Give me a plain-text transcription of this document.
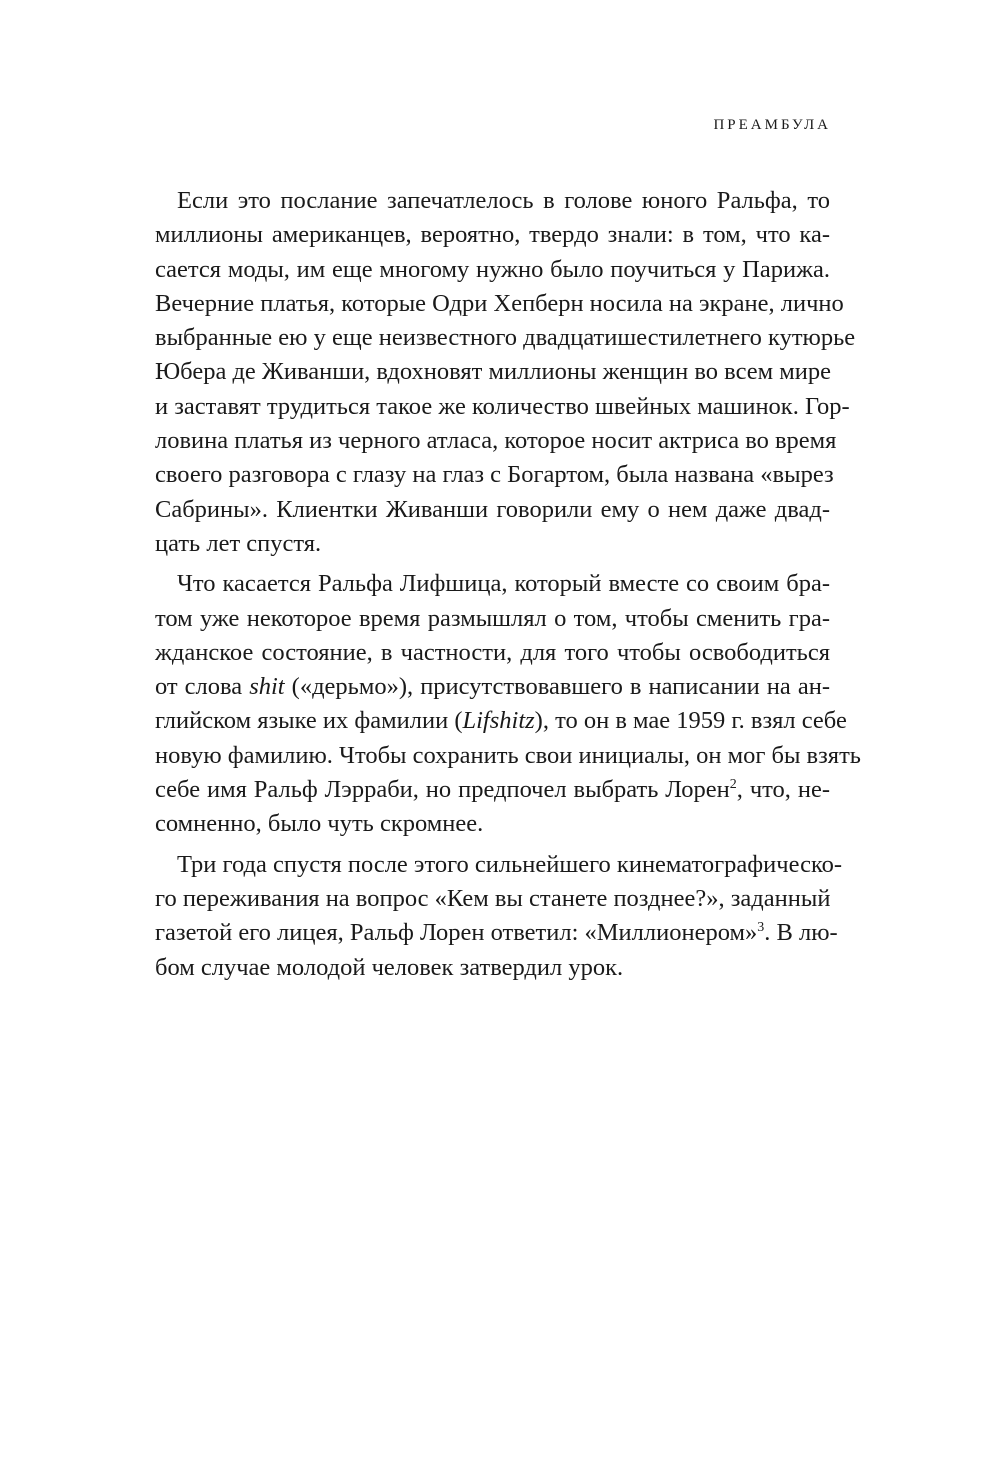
ПРЕАМБУЛА

Если это послание запечатлелось в голове юного Ральфа, то
миллионы американцев, вероятно, твердо знали: в том, что ка-
сается моды, им еще многому нужно было поучиться у Парижа.
Вечерние платья, которые Одри Хепберн носила на экране, лично
выбранные ею у еще неизвестного двадцатишестилетнего кутюрье
Юбера де Живанши, вдохновят миллионы женщин во всем мире
и заставят трудиться такое же количество швейных машинок. Гор-
ловина платья из черного атласа, которое носит актриса во время
своего разговора с глазу на глаз с Богартом, была названа «вырез
Сабрины». Клиентки Живанши говорили ему о нем даже двад-
цать лет спустя.

Что касается Ральфа Лифшица, который вместе со своим бра-
том уже некоторое время размышлял о том, чтобы сменить гра-
жданское состояние, в частности, для того чтобы освободиться
от слова shit («дерьмо»), присутствовавшего в написании на ан-
глийском языке их фамилии (Lifshitz), то он в мае 1959 г. взял себе
новую фамилию. Чтобы сохранить свои инициалы, он мог бы взять
себе имя Ральф Лэрраби, но предпочел выбрать Лорен$^2$, что, не-
сомненно, было чуть скромнее.

Три года спустя после этого сильнейшего кинематографическо-
го переживания на вопрос «Кем вы станете позднее?», заданный
газетой его лицея, Ральф Лорен ответил: «Миллионером»$^3$. В лю-
бом случае молодой человек затвердил урок.
